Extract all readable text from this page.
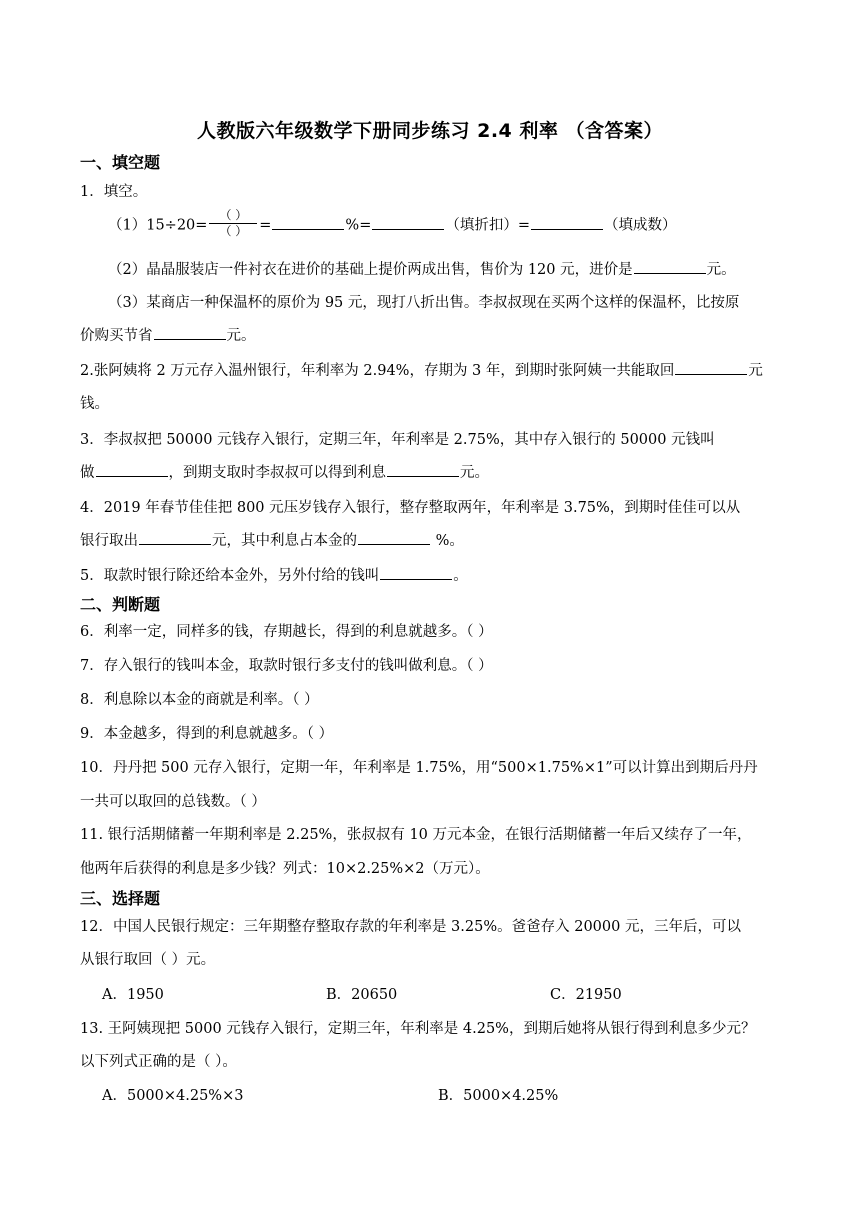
人教版六年级数学下册同步练习 2.4 利率 （含答案）
一、填空题
1．填空。
$(1)15\div 20= \frac{( )}{( )}$ =	%=	（填折扣）=	（填成数）
（2）晶晶服装店一件衬衣在进价的基础上提价两成出售，售价为 120 元，进价是	元。
（3）某商店一种保温杯的原价为 95 元，现打八折出售。李叔叔现在买两个这样的保温杯，比按原
价购买节省	元。
2.张阿姨将 2 万元存入温州银行，年利率为 2.94%，存期为 3 年，到期时张阿姨一共能取回	元
钱。
3．李叔叔把 50000 元钱存入银行，定期三年，年利率是 2.75%，其中存入银行的 50000 元钱叫
做	，到期支取时李叔叔可以得到利息	元。
4．2019 年春节佳佳把 800 元压岁钱存入银行，整存整取两年，年利率是 3.75%，到期时佳佳可以从
银行取出	元，其中利息占本金的	%。
5．取款时银行除还给本金外，另外付给的钱叫	。
二、判断题
6．利率一定，同样多的钱，存期越长，得到的利息就越多。（ ）
7．存入银行的钱叫本金，取款时银行多支付的钱叫做利息。（ ）
8．利息除以本金的商就是利率。（ ）
9．本金越多，得到的利息就越多。（ ）
10．丹丹把 500 元存入银行，定期一年，年利率是 1.75%，用“500×1.75%×1”可以计算出到期后丹丹
一共可以取回的总钱数。（ ）
11. 银行活期储蓄一年期利率是 2.25%，张叔叔有 10 万元本金，在银行活期储蓄一年后又续存了一年，
他两年后获得的利息是多少钱？列式：10×2.25%×2（万元）。
三、选择题
12．中国人民银行规定：三年期整存整取存款的年利率是 3.25%。爸爸存入 20000 元，三年后，可以
从银行取回（ ）元。
A．1950	B．20650	C．21950
13. 王阿姨现把 5000 元钱存入银行，定期三年，年利率是 4.25%，到期后她将从银行得到利息多少元？
以下列式正确的是（ ）。
A．5000×4.25%×3	B．5000×4.25%
